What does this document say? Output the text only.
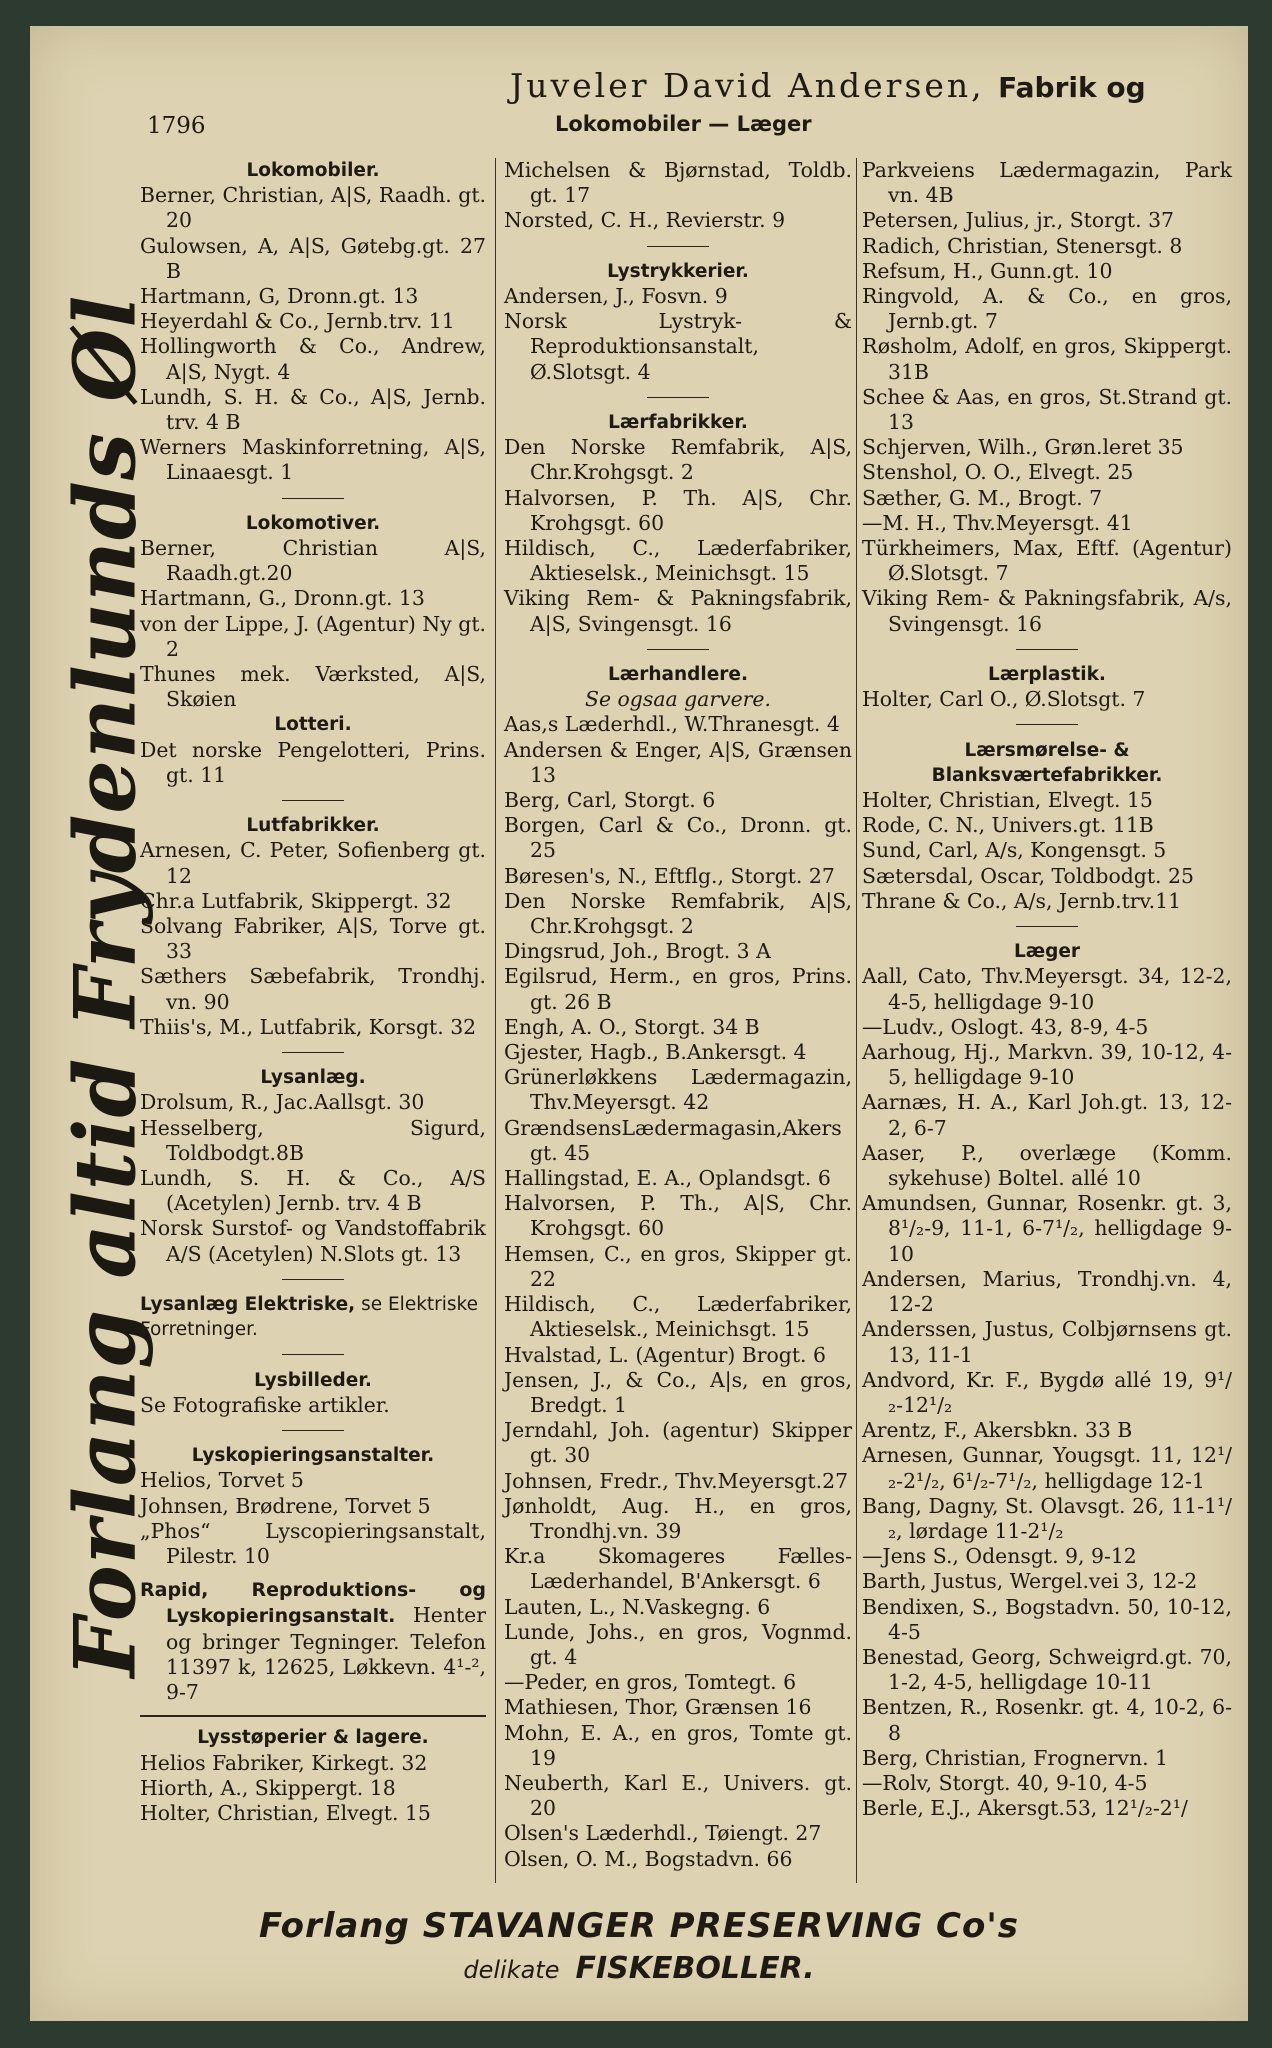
Juveler David Andersen, Fabrik og
1796	Lokomobiler — Læger
Forlang altid Frydenlunds Øl
Lokomobiler.
Berner, Christian, A|S, Raadh. gt. 20
Gulowsen, A, A|S, Gøtebg.gt. 27 B
Hartmann, G, Dronn.gt. 13
Heyerdahl & Co., Jernb.trv. 11
Hollingworth & Co., Andrew, A|S, Nygt. 4
Lundh, S. H. & Co., A|S, Jernb. trv. 4 B
Werners Maskinforretning, A|S, Linaaesgt. 1
Lokomotiver.
Berner, Christian A|S, Raadh.gt.20
Hartmann, G., Dronn.gt. 13
von der Lippe, J. (Agentur) Ny gt. 2
Thunes mek. Værksted, A|S, Skøien
Lotteri.
Det norske Pengelotteri, Prins. gt. 11
Lutfabrikker.
Arnesen, C. Peter, Sofienberg gt. 12
Chr.a Lutfabrik, Skippergt. 32
Solvang Fabriker, A|S, Torve gt. 33
Sæthers Sæbefabrik, Trondhj. vn. 90
Thiis's, M., Lutfabrik, Korsgt. 32
Lysanlæg.
Drolsum, R., Jac.Aallsgt. 30
Hesselberg, Sigurd, Toldbodgt.8B
Lundh, S. H. & Co., A/S (Acetylen) Jernb. trv. 4 B
Norsk Surstof- og Vandstoffabrik A/S (Acetylen) N.Slots gt. 13
Lysanlæg Elektriske, se Elektriske Forretninger.
Lysbilleder.
Se Fotografiske artikler.
Lyskopieringsanstalter.
Helios, Torvet 5
Johnsen, Brødrene, Torvet 5
„Phos“ Lyscopieringsanstalt, Pilestr. 10
Rapid, Reproduktions- og Lyskopieringsanstalt. Henter og bringer Tegninger. Telefon 11397 k, 12625, Løkkevn. 4¹-², 9-7
Lysstøperier & lagere.
Helios Fabriker, Kirkegt. 32
Hiorth, A., Skippergt. 18
Holter, Christian, Elvegt. 15
Michelsen & Bjørnstad, Toldb. gt. 17
Norsted, C. H., Revierstr. 9
Lystrykkerier.
Andersen, J., Fosvn. 9
Norsk Lystryk- & Reproduktionsanstalt, Ø.Slotsgt. 4
Lærfabrikker.
Den Norske Remfabrik, A|S, Chr.Krohgsgt. 2
Halvorsen, P. Th. A|S, Chr. Krohgsgt. 60
Hildisch, C., Læderfabriker, Aktieselsk., Meinichsgt. 15
Viking Rem- & Pakningsfabrik, A|S, Svingensgt. 16
Lærhandlere.
Se ogsaa garvere.
Aas,s Læderhdl., W.Thranesgt. 4
Andersen & Enger, A|S, Grænsen 13
Berg, Carl, Storgt. 6
Borgen, Carl & Co., Dronn. gt. 25
Børesen's, N., Eftflg., Storgt. 27
Den Norske Remfabrik, A|S, Chr.Krohgsgt. 2
Dingsrud, Joh., Brogt. 3 A
Egilsrud, Herm., en gros, Prins. gt. 26 B
Engh, A. O., Storgt. 34 B
Gjester, Hagb., B.Ankersgt. 4
Grünerløkkens Lædermagazin, Thv.Meyersgt. 42
GrændsensLædermagasin,Akers gt. 45
Hallingstad, E. A., Oplandsgt. 6
Halvorsen, P. Th., A|S, Chr. Krohgsgt. 60
Hemsen, C., en gros, Skipper gt. 22
Hildisch, C., Læderfabriker, Aktieselsk., Meinichsgt. 15
Hvalstad, L. (Agentur) Brogt. 6
Jensen, J., & Co., A|s, en gros, Bredgt. 1
Jerndahl, Joh. (agentur) Skipper gt. 30
Johnsen, Fredr., Thv.Meyersgt.27
Jønholdt, Aug. H., en gros, Trondhj.vn. 39
Kr.a Skomageres Fælles-Læderhandel, B'Ankersgt. 6
Lauten, L., N.Vaskegng. 6
Lunde, Johs., en gros, Vognmd. gt. 4
—Peder, en gros, Tomtegt. 6
Mathiesen, Thor, Grænsen 16
Mohn, E. A., en gros, Tomte gt. 19
Neuberth, Karl E., Univers. gt. 20
Olsen's Læderhdl., Tøiengt. 27
Olsen, O. M., Bogstadvn. 66
Parkveiens Lædermagazin, Park vn. 4B
Petersen, Julius, jr., Storgt. 37
Radich, Christian, Stenersgt. 8
Refsum, H., Gunn.gt. 10
Ringvold, A. & Co., en gros, Jernb.gt. 7
Røsholm, Adolf, en gros, Skippergt. 31B
Schee & Aas, en gros, St.Strand gt. 13
Schjerven, Wilh., Grøn.leret 35
Stenshol, O. O., Elvegt. 25
Sæther, G. M., Brogt. 7
—M. H., Thv.Meyersgt. 41
Türkheimers, Max, Eftf. (Agentur) Ø.Slotsgt. 7
Viking Rem- & Pakningsfabrik, A/s, Svingensgt. 16
Lærplastik.
Holter, Carl O., Ø.Slotsgt. 7
Lærsmørelse- & Blanksværtefabrikker.
Holter, Christian, Elvegt. 15
Rode, C. N., Univers.gt. 11B
Sund, Carl, A/s, Kongensgt. 5
Sætersdal, Oscar, Toldbodgt. 25
Thrane & Co., A/s, Jernb.trv.11
Læger
Aall, Cato, Thv.Meyersgt. 34, 12-2, 4-5, helligdage 9-10
—Ludv., Oslogt. 43, 8-9, 4-5
Aarhoug, Hj., Markvn. 39, 10-12, 4-5, helligdage 9-10
Aarnæs, H. A., Karl Joh.gt. 13, 12-2, 6-7
Aaser, P., overlæge (Komm. sykehuse) Boltel. allé 10
Amundsen, Gunnar, Rosenkr. gt. 3, 8¹/₂-9, 11-1, 6-7¹/₂, helligdage 9-10
Andersen, Marius, Trondhj.vn. 4, 12-2
Anderssen, Justus, Colbjørnsens gt. 13, 11-1
Andvord, Kr. F., Bygdø allé 19, 9¹/₂-12¹/₂
Arentz, F., Akersbkn. 33 B
Arnesen, Gunnar, Yougsgt. 11, 12¹/₂-2¹/₂, 6¹/₂-7¹/₂, helligdage 12-1
Bang, Dagny, St. Olavsgt. 26, 11-1¹/₂, lørdage 11-2¹/₂
—Jens S., Odensgt. 9, 9-12
Barth, Justus, Wergel.vei 3, 12-2
Bendixen, S., Bogstadvn. 50, 10-12, 4-5
Benestad, Georg, Schweigrd.gt. 70, 1-2, 4-5, helligdage 10-11
Bentzen, R., Rosenkr. gt. 4, 10-2, 6-8
Berg, Christian, Frognervn. 1
—Rolv, Storgt. 40, 9-10, 4-5
Berle, E.J., Akersgt.53, 12¹/₂-2¹/
Forlang STAVANGER PRESERVING Co's
delikate FISKEBOLLER.
